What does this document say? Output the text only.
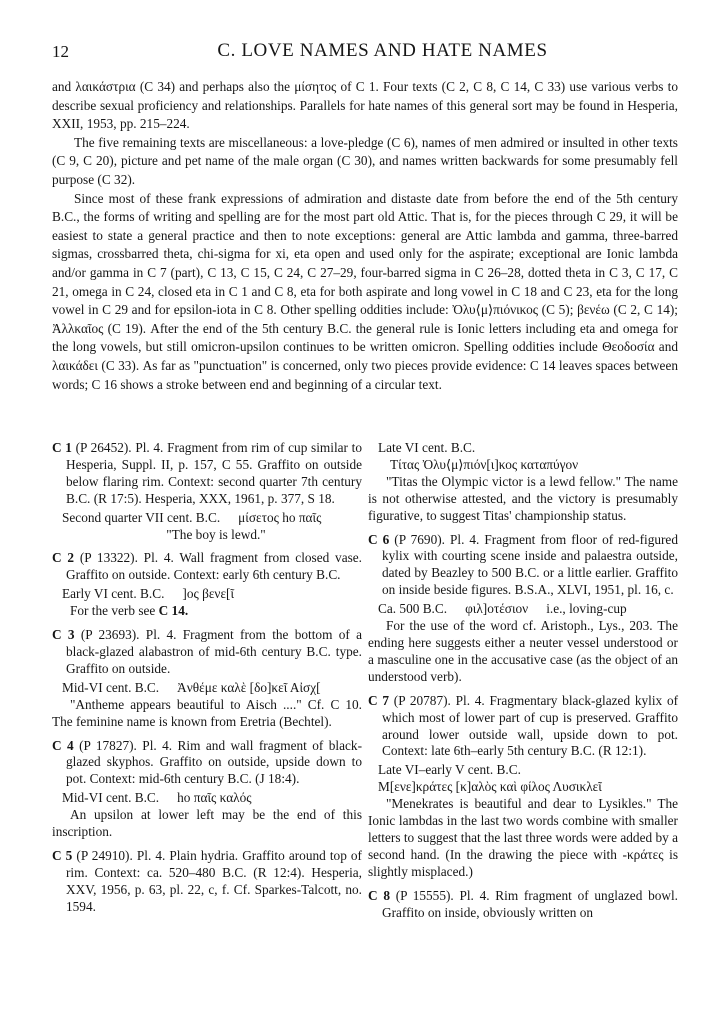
12	C. LOVE NAMES AND HATE NAMES

and λαικάστρια (C 34) and perhaps also the μίσητος of C 1. Four texts (C 2, C 8, C 14, C 33) use various verbs to describe sexual proficiency and relationships. Parallels for hate names of this general sort may be found in Hesperia, XXII, 1953, pp. 215–224.

The five remaining texts are miscellaneous: a love-pledge (C 6), names of men admired or insulted in other texts (C 9, C 20), picture and pet name of the male organ (C 30), and names written backwards for some presumably fell purpose (C 32).

Since most of these frank expressions of admiration and distaste date from before the end of the 5th century B.C., the forms of writing and spelling are for the most part old Attic. That is, for the pieces through C 29, it will be easiest to state a general practice and then to note exceptions: general are Attic lambda and gamma, three-barred sigmas, crossbarred theta, chi-sigma for xi, eta open and used only for the aspirate; exceptional are Ionic lambda and/or gamma in C 7 (part), C 13, C 15, C 24, C 27–29, four-barred sigma in C 26–28, dotted theta in C 3, C 17, C 21, omega in C 24, closed eta in C 1 and C 8, eta for both aspirate and long vowel in C 18 and C 23, eta for the long vowel in C 29 and for epsilon-iota in C 8. Other spelling oddities include: Ὀλυ⟨μ⟩πιόνικος (C 5); βενέω (C 2, C 14); Ἀλλκαῖος (C 19). After the end of the 5th century B.C. the general rule is Ionic letters including eta and omega for the long vowels, but still omicron-upsilon continues to be written omicron. Spelling oddities include Θεοδοσία and λαικάδει (C 33). As far as "punctuation" is concerned, only two pieces provide evidence: C 14 leaves spaces between words; C 16 shows a stroke between end and beginning of a circular text.

C 1 (P 26452). Pl. 4. Fragment from rim of cup similar to Hesperia, Suppl. II, p. 157, C 55. Graffito on outside below flaring rim. Context: second quarter 7th century B.C. (R 17:5). Hesperia, XXX, 1961, p. 377, S 18.

Second quarter VII cent. B.C. μίσετος hο παῖς

"The boy is lewd."

C 2 (P 13322). Pl. 4. Wall fragment from closed vase. Graffito on outside. Context: early 6th century B.C.

Early VI cent. B.C. ]ος βενε[ῖ

For the verb see C 14.

C 3 (P 23693). Pl. 4. Fragment from the bottom of a black-glazed alabastron of mid-6th century B.C. type. Graffito on outside.

Mid-VI cent. B.C. Ἀνθέμε καλὲ [δο]κεῖ Αἰσχ[

"Antheme appears beautiful to Aisch ...." Cf. C 10. The feminine name is known from Eretria (Bechtel).

C 4 (P 17827). Pl. 4. Rim and wall fragment of black-glazed skyphos. Graffito on outside, upside down to pot. Context: mid-6th century B.C. (J 18:4).

Mid-VI cent. B.C. hο παῖς καλός

An upsilon at lower left may be the end of this inscription.

C 5 (P 24910). Pl. 4. Plain hydria. Graffito around top of rim. Context: ca. 520–480 B.C. (R 12:4). Hesperia, XXV, 1956, p. 63, pl. 22, c, f. Cf. Sparkes-Talcott, no. 1594.

Late VI cent. B.C.

Τίτας Ὀλυ⟨μ⟩πιόν[ι]κος καταπύγον

"Titas the Olympic victor is a lewd fellow." The name is not otherwise attested, and the victory is presumably figurative, to suggest Titas' championship status.

C 6 (P 7690). Pl. 4. Fragment from floor of red-figured kylix with courting scene inside and palaestra outside, dated by Beazley to 500 B.C. or a little earlier. Graffito on inside beside figures. B.S.A., XLVI, 1951, pl. 16, c.

Ca. 500 B.C. φιλ]οτέσιον i.e., loving-cup

For the use of the word cf. Aristoph., Lys., 203. The ending here suggests either a neuter vessel understood or a masculine one in the accusative case (as the object of an understood verb).

C 7 (P 20787). Pl. 4. Fragmentary black-glazed kylix of which most of lower part of cup is preserved. Graffito around lower outside wall, upside down to pot. Context: late 6th–early 5th century B.C. (R 12:1).

Late VI–early V cent. B.C.

Μ[ενε]κράτες [κ]αλὸς καὶ φίλος Λυσικλεῖ

"Menekrates is beautiful and dear to Lysikles." The Ionic lambdas in the last two words combine with smaller letters to suggest that the last three words were added by a second hand. (In the drawing the piece with -κράτες is slightly misplaced.)

C 8 (P 15555). Pl. 4. Rim fragment of unglazed bowl. Graffito on inside, obviously written on
